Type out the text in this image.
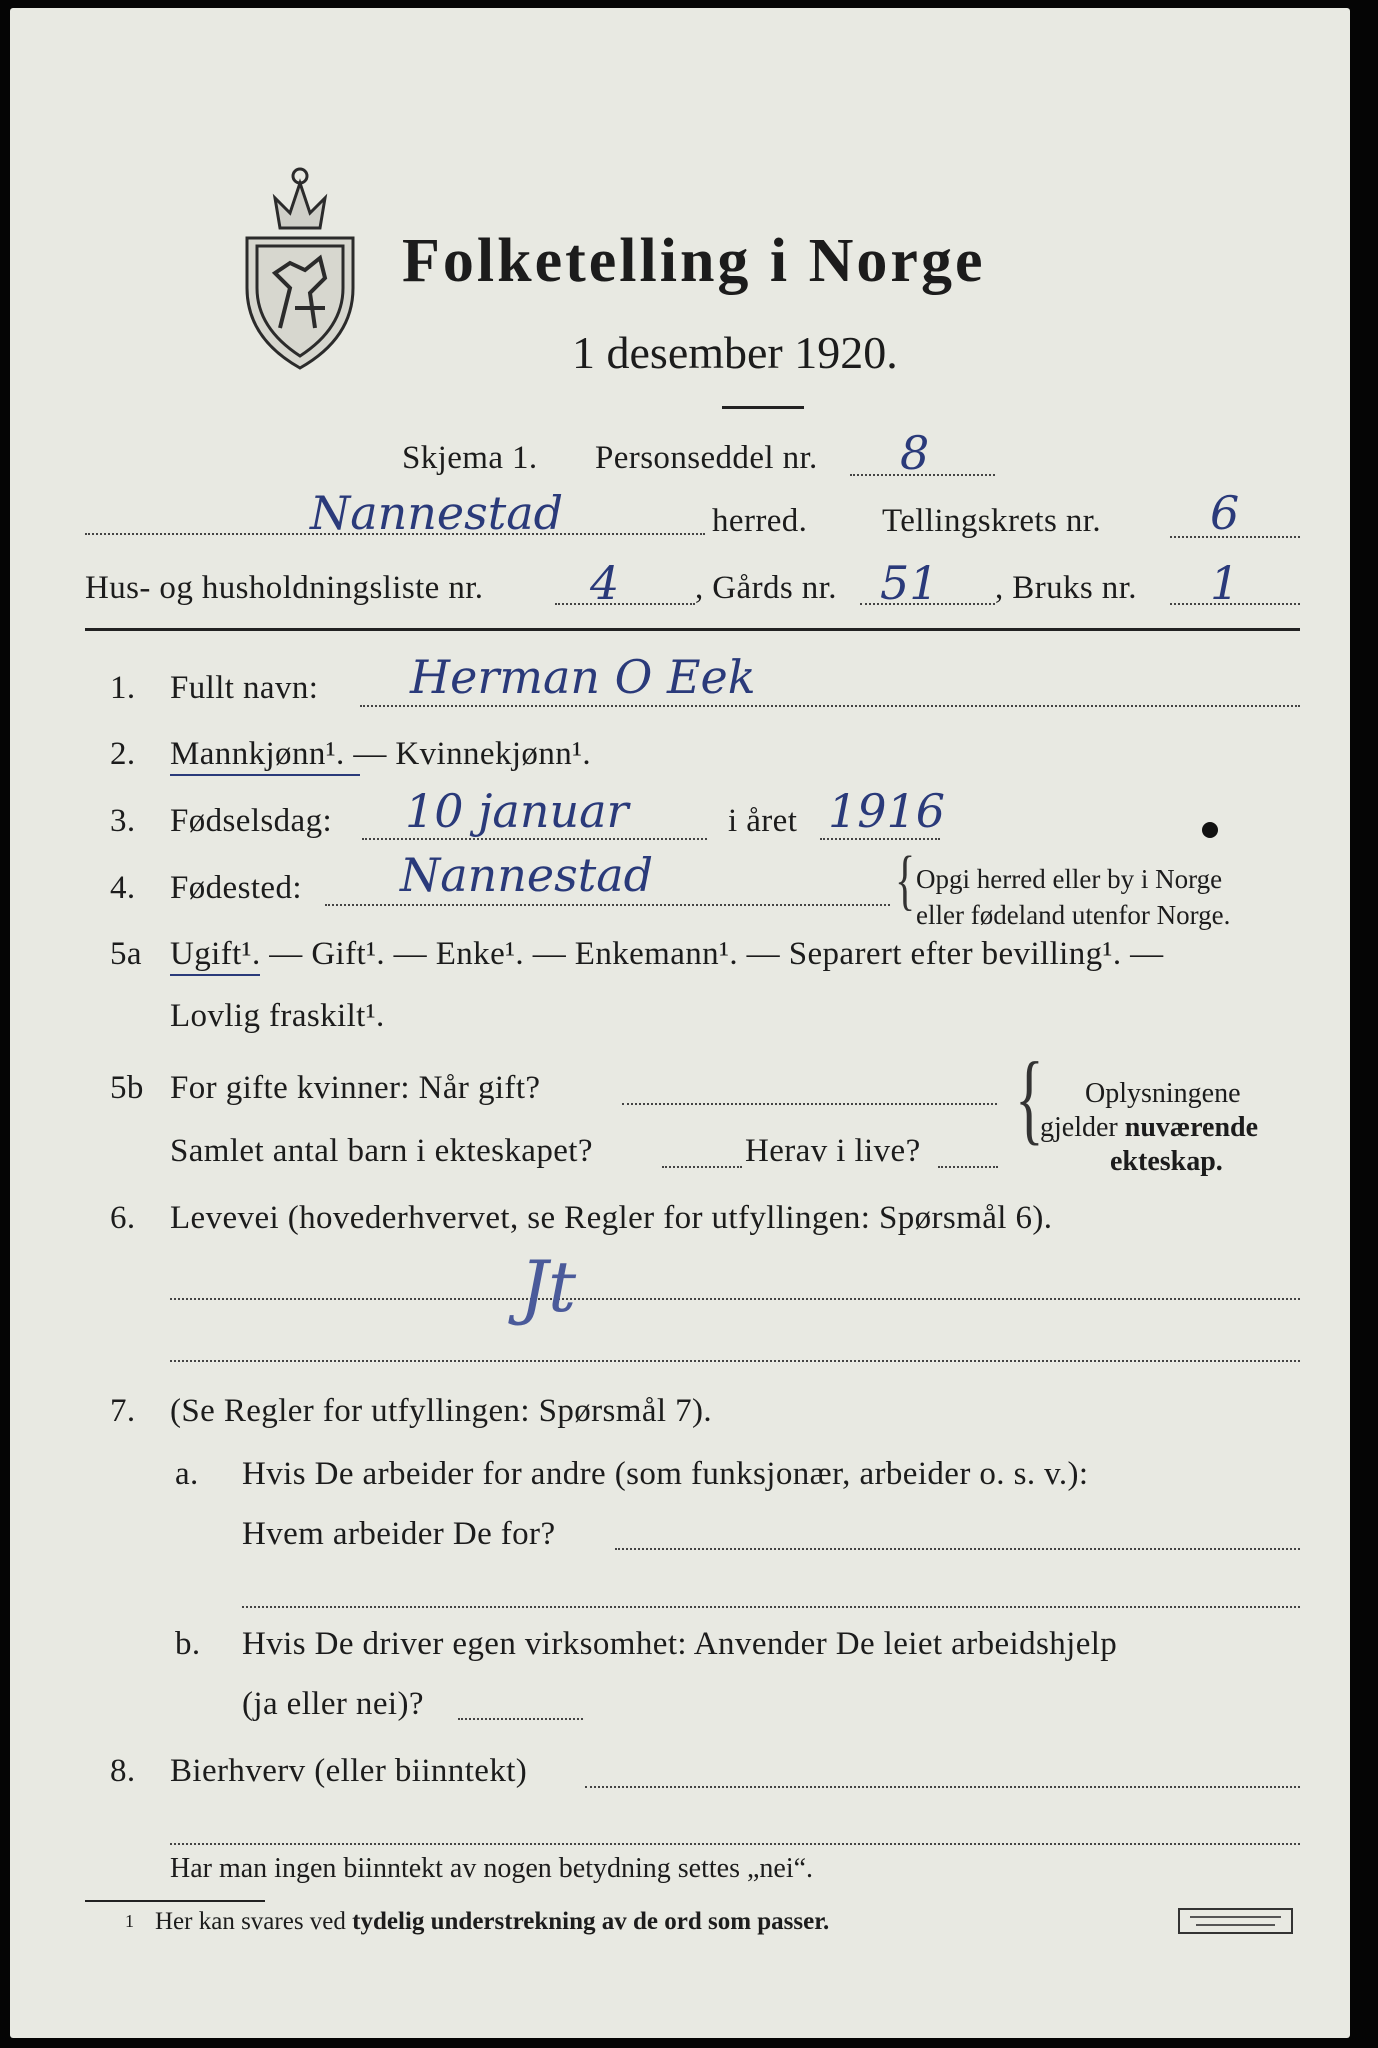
Folketelling i Norge
1 desember 1920.
Skjema 1. Personseddel nr. 8
Nannestad	herred. Tellingskrets nr. 6
Hus- og husholdningsliste nr. 4 , Gårds nr. 51 , Bruks nr. 1
1. Fullt navn: Herman O Eek
2. Mannkjønn¹. — Kvinnekjønn¹.
3. Fødselsdag: 10 januar	i året 1916
4. Fødested: Nannestad	{ Opgi herred eller by i Norge
eller fødeland utenfor Norge.
5a Ugift¹. — Gift¹. — Enke¹. — Enkemann¹. — Separert efter bevilling¹. —
Lovlig fraskilt¹.
5b For gifte kvinner: Når gift?
Samlet antal barn i ekteskapet?	Herav i live? { Oplysningene
gjelder nuværende
ekteskap.
6. Levevei (hovederhvervet, se Regler for utfyllingen: Spørsmål 6).
Jt
7. (Se Regler for utfyllingen: Spørsmål 7).
a. Hvis De arbeider for andre (som funksjonær, arbeider o. s. v.):
Hvem arbeider De for?
b. Hvis De driver egen virksomhet: Anvender De leiet arbeidshjelp
(ja eller nei)?
8. Bierhverv (eller biinntekt)
Har man ingen biinntekt av nogen betydning settes „nei“.
1 Her kan svares ved tydelig understrekning av de ord som passer.
